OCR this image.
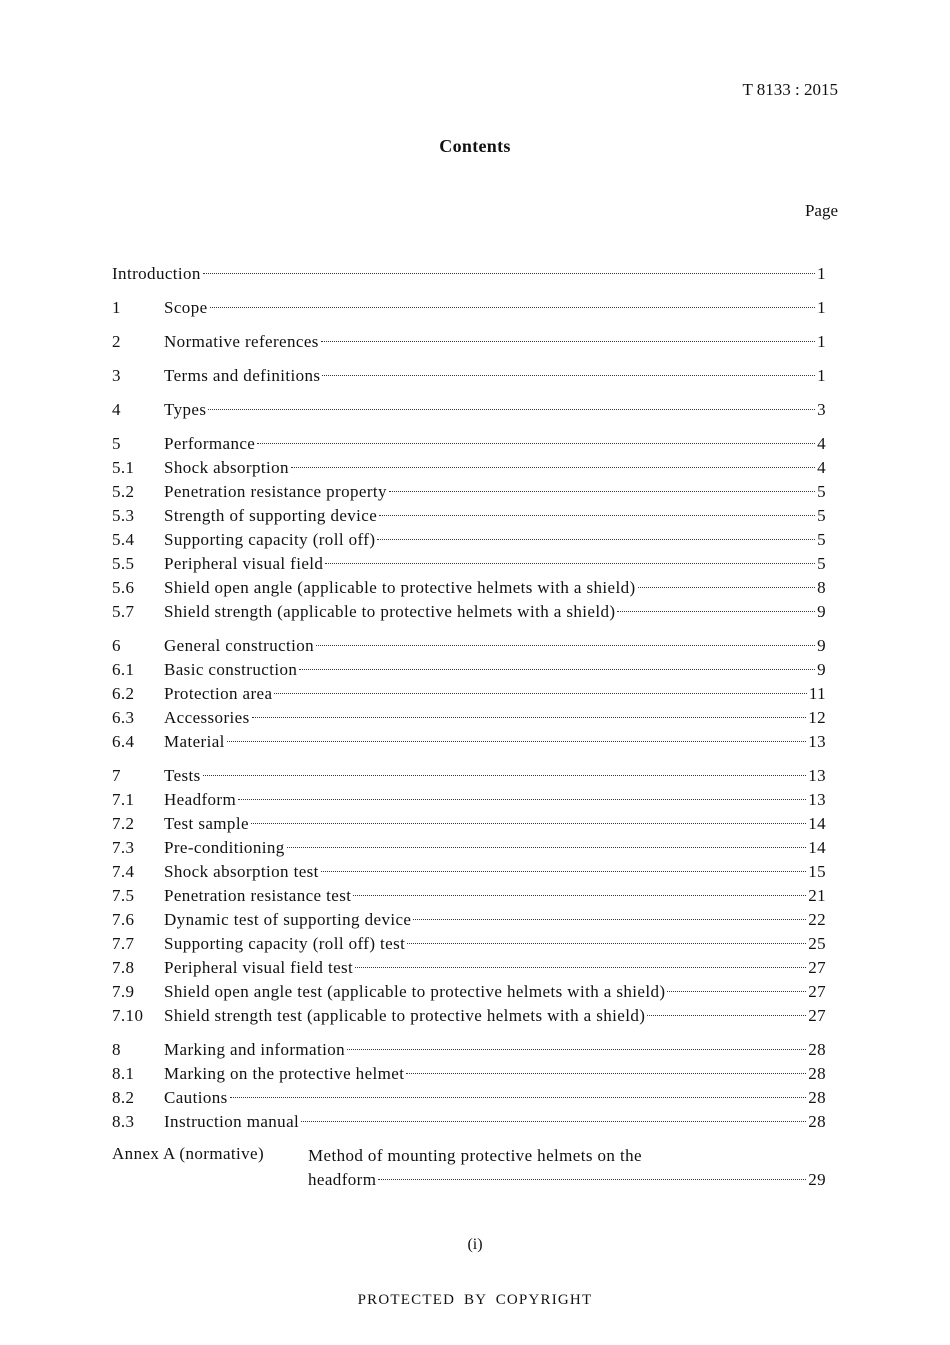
T 8133 : 2015
Contents
Page
Introduction	1
1	Scope	1
2	Normative references	1
3	Terms and definitions	1
4	Types	3
5	Performance	4
5.1	Shock absorption	4
5.2	Penetration resistance property	5
5.3	Strength of supporting device	5
5.4	Supporting capacity (roll off)	5
5.5	Peripheral visual field	5
5.6	Shield open angle (applicable to protective helmets with a shield)	8
5.7	Shield strength (applicable to protective helmets with a shield)	9
6	General construction	9
6.1	Basic construction	9
6.2	Protection area	11
6.3	Accessories	12
6.4	Material	13
7	Tests	13
7.1	Headform	13
7.2	Test sample	14
7.3	Pre-conditioning	14
7.4	Shock absorption test	15
7.5	Penetration resistance test	21
7.6	Dynamic test of supporting device	22
7.7	Supporting capacity (roll off) test	25
7.8	Peripheral visual field test	27
7.9	Shield open angle test (applicable to protective helmets with a shield)	27
7.10	Shield strength test (applicable to protective helmets with a shield)	27
8	Marking and information	28
8.1	Marking on the protective helmet	28
8.2	Cautions	28
8.3	Instruction manual	28
Annex A (normative)	Method of mounting protective helmets on the
headform	29
(i)
PROTECTED BY COPYRIGHT
